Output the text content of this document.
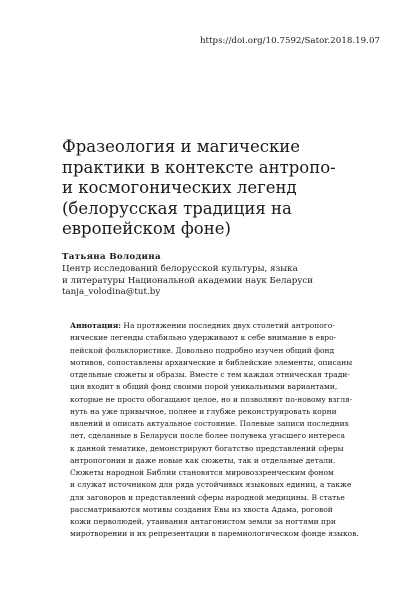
https://doi.org/10.7592/Sator.2018.19.07
Фразеология и магические
практики в контексте антропо-
и космогонических легенд
(белорусская традиция на
европейском фоне)
Татьяна Володина
Центр исследований белорусской культуры, языка
и литературы Национальной академии наук Беларуси
tanja_volodina@tut.by
Аннотация: На протяжении последних двух столетий антропого-
нические легенды стабильно удерживают к себе внимание в евро-
пейской фольклористике. Довольно подробно изучен общий фонд
мотивов, сопоставлены архаические и библейские элементы, описаны
отдельные сюжеты и образы. Вместе с тем каждая этническая тради-
ция входит в общий фонд своими порой уникальными вариантами,
которые не просто обогащают целое, но и позволяют по-новому взгля-
нуть на уже привычное, полнее и глубже реконструировать корни
явлений и описать актуальное состояние. Полевые записи последних
лет, сделанные в Беларуси после более полувека угасшего интереса
к данной тематике, демонстрируют богатство представлений сферы
антропогонии и даже новые как сюжеты, так и отдельные детали.
Сюжеты народной Библии становятся мировоззренческим фоном
и служат источником для ряда устойчивых языковых единиц, а также
для заговоров и представлений сферы народной медицины. В статье
рассматриваются мотивы создания Евы из хвоста Адама, роговой
кожи перволюдей, утаивания антагонистом земли за ногтями при
миротворении и их репрезентации в паремиологическом фонде языков.
